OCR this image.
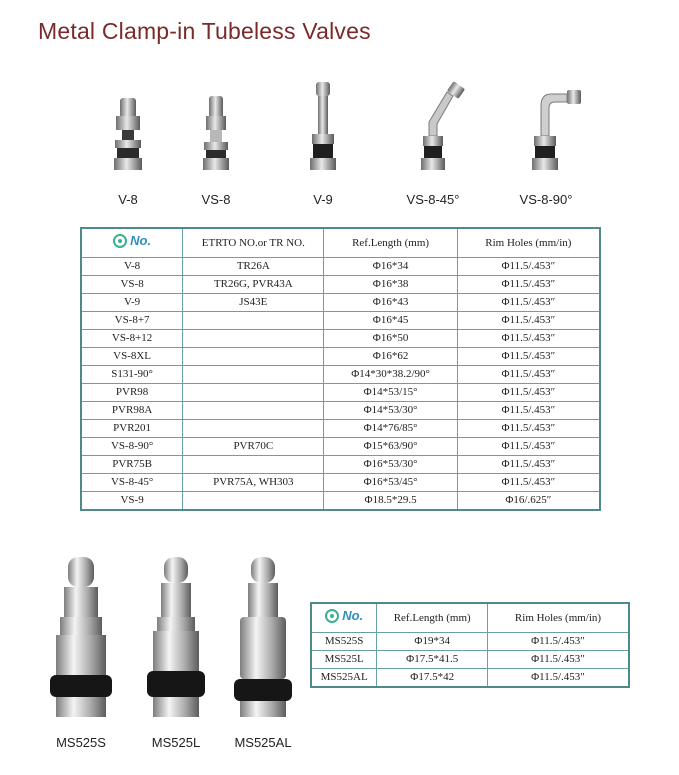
Metal Clamp-in Tubeless Valves
V-8	VS-8	V-9	VS-8-45°	VS-8-90°
No.	ETRTO NO.or TR NO.	Ref.Length (mm)	Rim Holes (mm/in)
V-8	TR26A	Φ16*34	Φ11.5/.453″
VS-8	TR26G, PVR43A	Φ16*38	Φ11.5/.453″
V-9	JS43E	Φ16*43	Φ11.5/.453″
VS-8+7		Φ16*45	Φ11.5/.453″
VS-8+12		Φ16*50	Φ11.5/.453″
VS-8XL		Φ16*62	Φ11.5/.453″
S131-90°		Φ14*30*38.2/90°	Φ11.5/.453″
PVR98		Φ14*53/15°	Φ11.5/.453″
PVR98A		Φ14*53/30°	Φ11.5/.453″
PVR201		Φ14*76/85°	Φ11.5/.453″
VS-8-90°	PVR70C	Φ15*63/90°	Φ11.5/.453″
PVR75B		Φ16*53/30°	Φ11.5/.453″
VS-8-45°	PVR75A, WH303	Φ16*53/45°	Φ11.5/.453″
VS-9		Φ18.5*29.5	Φ16/.625″
MS525S	MS525L	MS525AL
No.	Ref.Length (mm)	Rim Holes (mm/in)
MS525S	Φ19*34	Φ11.5/.453″
MS525L	Φ17.5*41.5	Φ11.5/.453″
MS525AL	Φ17.5*42	Φ11.5/.453″
